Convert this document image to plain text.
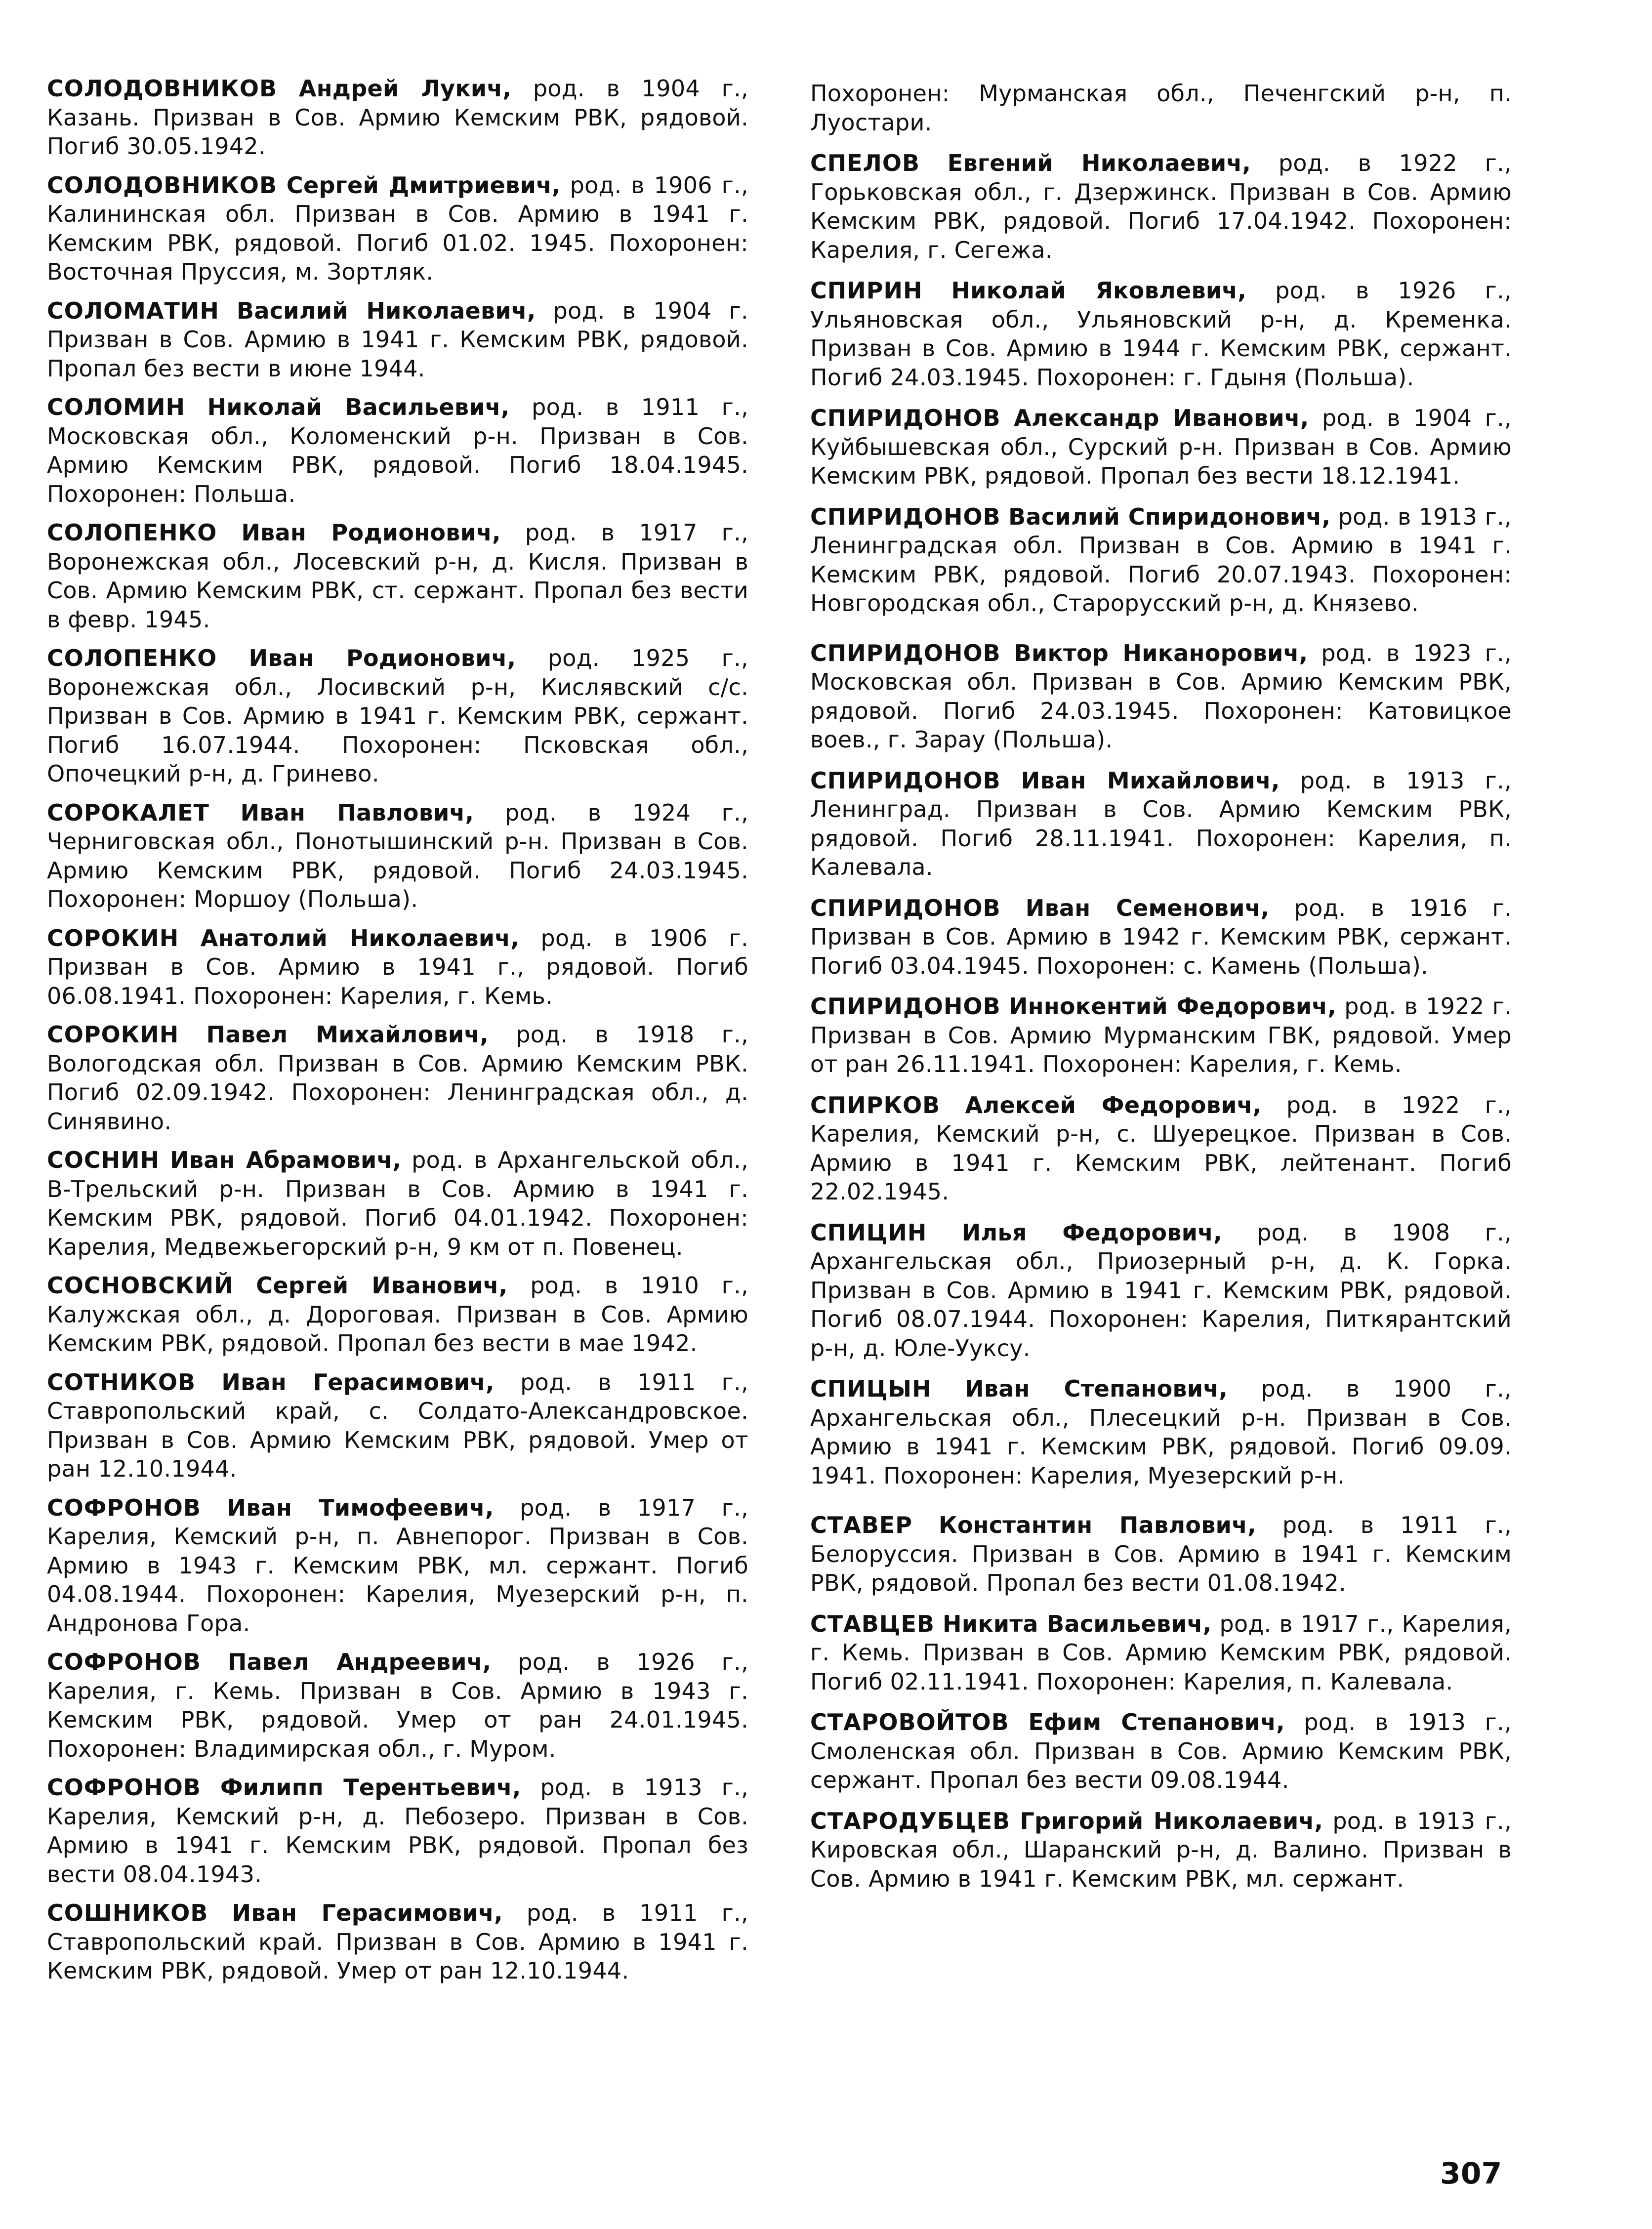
СОЛОДОВНИКОВ Андрей Лукич, род. в 1904 г., Казань. Призван в Сов. Армию Кемским РВК, рядовой. Погиб 30.05.1942.

СОЛОДОВНИКОВ Сергей Дмитриевич, род. в 1906 г., Калининская обл. Призван в Сов. Армию в 1941 г. Кемским РВК, рядовой. Погиб 01.02. 1945. Похоронен: Восточная Пруссия, м. Зортляк.

СОЛОМАТИН Василий Николаевич, род. в 1904 г. Призван в Сов. Армию в 1941 г. Кемским РВК, рядовой. Пропал без вести в июне 1944.

СОЛОМИН Николай Васильевич, род. в 1911 г., Московская обл., Коломенский р-н. Призван в Сов. Армию Кемским РВК, рядовой. Погиб 18.04.1945. Похоронен: Польша.

СОЛОПЕНКО Иван Родионович, род. в 1917 г., Воронежская обл., Лосевский р-н, д. Кисля. Призван в Сов. Армию Кемским РВК, ст. сержант. Пропал без вести в февр. 1945.

СОЛОПЕНКО Иван Родионович, род. 1925 г., Воронежская обл., Лосивский р-н, Кислявский с/с. Призван в Сов. Армию в 1941 г. Кемским РВК, сержант. Погиб 16.07.1944. Похоронен: Псковская обл., Опочецкий р-н, д. Гринево.

СОРОКАЛЕТ Иван Павлович, род. в 1924 г., Черниговская обл., Понотышинский р-н. Призван в Сов. Армию Кемским РВК, рядовой. Погиб 24.03.1945. Похоронен: Моршоу (Польша).

СОРОКИН Анатолий Николаевич, род. в 1906 г. Призван в Сов. Армию в 1941 г., рядовой. Погиб 06.08.1941. Похоронен: Карелия, г. Кемь.

СОРОКИН Павел Михайлович, род. в 1918 г., Вологодская обл. Призван в Сов. Армию Кемским РВК. Погиб 02.09.1942. Похоронен: Ленинградская обл., д. Синявино.

СОСНИН Иван Абрамович, род. в Архангельской обл., В-Трельский р-н. Призван в Сов. Армию в 1941 г. Кемским РВК, рядовой. Погиб 04.01.1942. Похоронен: Карелия, Медвежьегорский р-н, 9 км от п. Повенец.

СОСНОВСКИЙ Сергей Иванович, род. в 1910 г., Калужская обл., д. Дороговая. Призван в Сов. Армию Кемским РВК, рядовой. Пропал без вести в мае 1942.

СОТНИКОВ Иван Герасимович, род. в 1911 г., Ставропольский край, с. Солдато-Александровское. Призван в Сов. Армию Кемским РВК, рядовой. Умер от ран 12.10.1944.

СОФРОНОВ Иван Тимофеевич, род. в 1917 г., Карелия, Кемский р-н, п. Авнепорог. Призван в Сов. Армию в 1943 г. Кемским РВК, мл. сержант. Погиб 04.08.1944. Похоронен: Карелия, Муезерский р-н, п. Андронова Гора.

СОФРОНОВ Павел Андреевич, род. в 1926 г., Карелия, г. Кемь. Призван в Сов. Армию в 1943 г. Кемским РВК, рядовой. Умер от ран 24.01.1945. Похоронен: Владимирская обл., г. Муром.

СОФРОНОВ Филипп Терентьевич, род. в 1913 г., Карелия, Кемский р-н, д. Пебозеро. Призван в Сов. Армию в 1941 г. Кемским РВК, рядовой. Пропал без вести 08.04.1943.

СОШНИКОВ Иван Герасимович, род. в 1911 г., Ставропольский край. Призван в Сов. Армию в 1941 г. Кемским РВК, рядовой. Умер от ран 12.10.1944.

Похоронен: Мурманская обл., Печенгский р-н, п. Луостари.

СПЕЛОВ Евгений Николаевич, род. в 1922 г., Горьковская обл., г. Дзержинск. Призван в Сов. Армию Кемским РВК, рядовой. Погиб 17.04.1942. Похоронен: Карелия, г. Сегежа.

СПИРИН Николай Яковлевич, род. в 1926 г., Ульяновская обл., Ульяновский р-н, д. Кременка. Призван в Сов. Армию в 1944 г. Кемским РВК, сержант. Погиб 24.03.1945. Похоронен: г. Гдыня (Польша).

СПИРИДОНОВ Александр Иванович, род. в 1904 г., Куйбышевская обл., Сурский р-н. Призван в Сов. Армию Кемским РВК, рядовой. Пропал без вести 18.12.1941.

СПИРИДОНОВ Василий Спиридонович, род. в 1913 г., Ленинградская обл. Призван в Сов. Армию в 1941 г. Кемским РВК, рядовой. Погиб 20.07.1943. Похоронен: Новгородская обл., Старорусский р-н, д. Князево.

СПИРИДОНОВ Виктор Никанорович, род. в 1923 г., Московская обл. Призван в Сов. Армию Кемским РВК, рядовой. Погиб 24.03.1945. Похоронен: Катовицкое воев., г. Зарау (Польша).

СПИРИДОНОВ Иван Михайлович, род. в 1913 г., Ленинград. Призван в Сов. Армию Кемским РВК, рядовой. Погиб 28.11.1941. Похоронен: Карелия, п. Калевала.

СПИРИДОНОВ Иван Семенович, род. в 1916 г. Призван в Сов. Армию в 1942 г. Кемским РВК, сержант. Погиб 03.04.1945. Похоронен: с. Камень (Польша).

СПИРИДОНОВ Иннокентий Федорович, род. в 1922 г. Призван в Сов. Армию Мурманским ГВК, рядовой. Умер от ран 26.11.1941. Похоронен: Карелия, г. Кемь.

СПИРКОВ Алексей Федорович, род. в 1922 г., Карелия, Кемский р-н, с. Шуерецкое. Призван в Сов. Армию в 1941 г. Кемским РВК, лейтенант. Погиб 22.02.1945.

СПИЦИН Илья Федорович, род. в 1908 г., Архангельская обл., Приозерный р-н, д. К. Горка. Призван в Сов. Армию в 1941 г. Кемским РВК, рядовой. Погиб 08.07.1944. Похоронен: Карелия, Питкярантский р-н, д. Юле-Ууксу.

СПИЦЫН Иван Степанович, род. в 1900 г., Архангельская обл., Плесецкий р-н. Призван в Сов. Армию в 1941 г. Кемским РВК, рядовой. Погиб 09.09. 1941. Похоронен: Карелия, Муезерский р-н.

СТАВЕР Константин Павлович, род. в 1911 г., Белоруссия. Призван в Сов. Армию в 1941 г. Кемским РВК, рядовой. Пропал без вести 01.08.1942.

СТАВЦЕВ Никита Васильевич, род. в 1917 г., Карелия, г. Кемь. Призван в Сов. Армию Кемским РВК, рядовой. Погиб 02.11.1941. Похоронен: Карелия, п. Калевала.

СТАРОВОЙТОВ Ефим Степанович, род. в 1913 г., Смоленская обл. Призван в Сов. Армию Кемским РВК, сержант. Пропал без вести 09.08.1944.

СТАРОДУБЦЕВ Григорий Николаевич, род. в 1913 г., Кировская обл., Шаранский р-н, д. Валино. Призван в Сов. Армию в 1941 г. Кемским РВК, мл. сержант.

307
